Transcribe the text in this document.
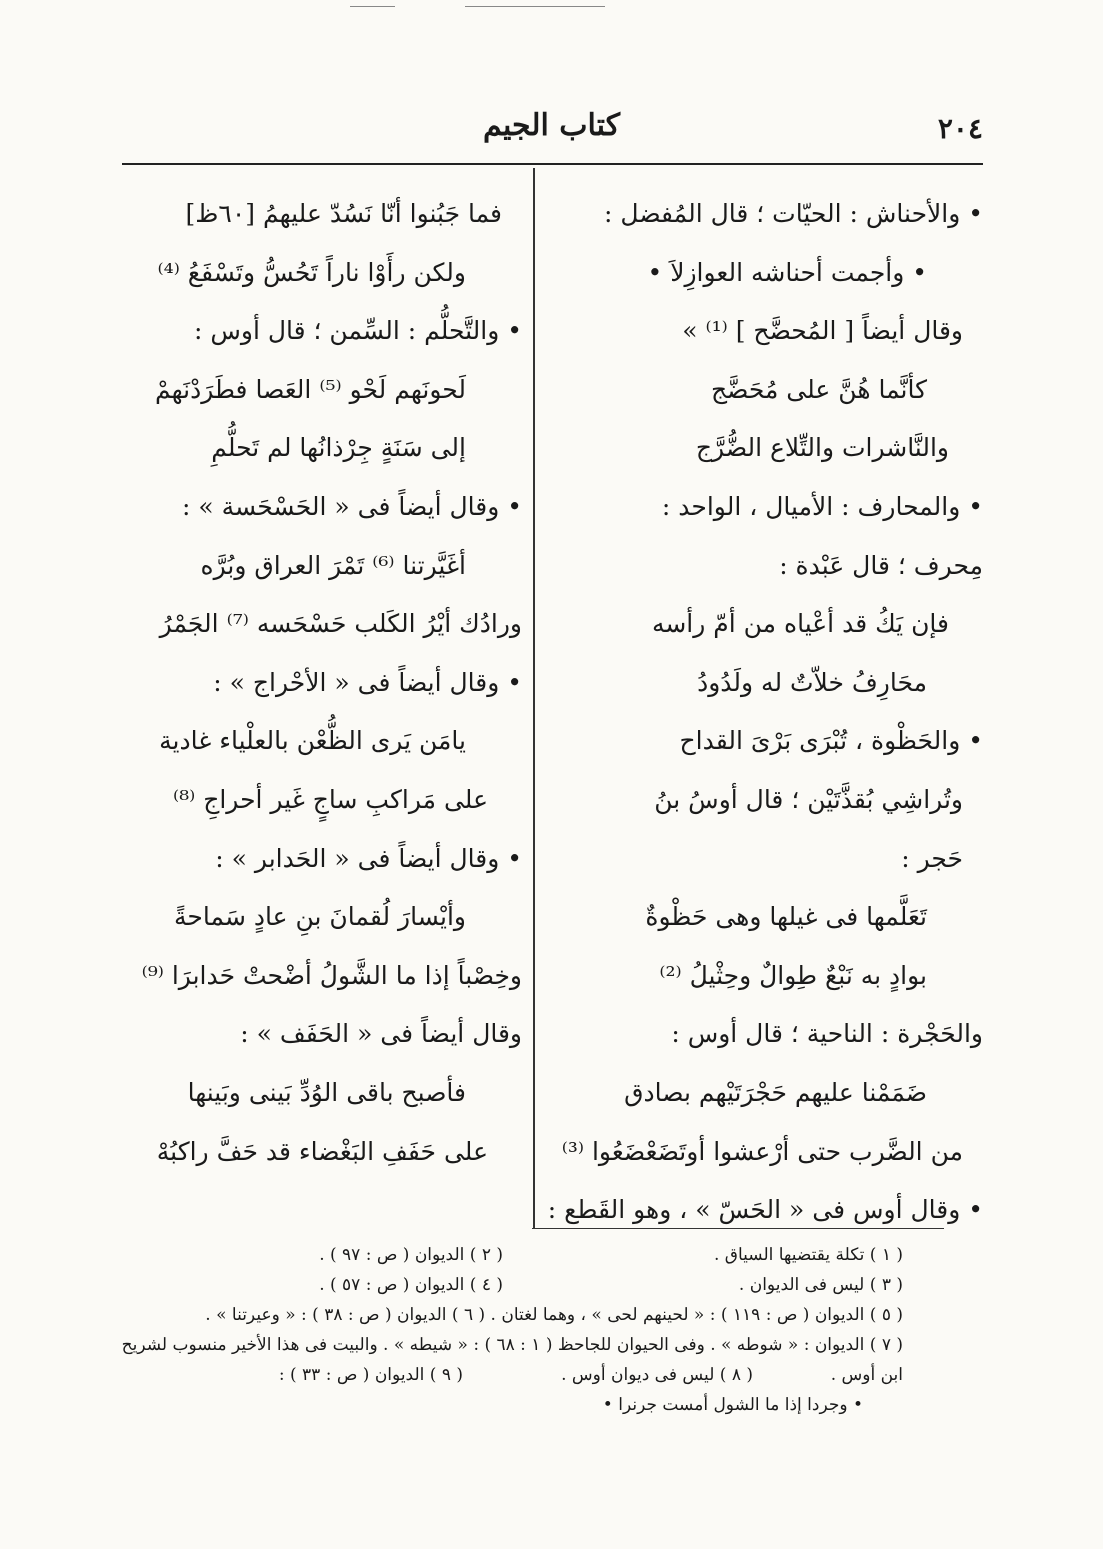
٢٠٤
كتاب الجيم
• والأحناش : الحيّات ؛ قال المُفضل :
• وأجمت أحناشه العوازِلاَ •
وقال أيضاً [ المُحضَّح ] ⁽¹⁾ »
كأنَّما هُنَّ على مُحَضَّج
والنَّاشرات والتِّلاع الضُّرَّج
• والمحارف : الأميال ، الواحد :
مِحرف ؛ قال عَبْدة :
فإن يَكُ قد أعْياه من أمّ رأسه
محَارِفُ خلاّتٌ له ولَدُودُ
• والحَظْوة ، تُبْرَى بَرْىَ القداح
وتُراشِي بُقذَّتَيْن ؛ قال أوسُ بنُ
حَجر :
تَعَلَّمها فى غيلها وهى حَظْوةٌ
بوادٍ به نَبْعٌ طِوالٌ وحِثْيلُ ⁽²⁾
والحَجْرة : الناحية ؛ قال أوس :
ضَمَمْنا عليهم حَجْرَتَيْهم بصادق
من الضَّرب حتى أرْعشوا أوتَضَعْضَعُوا ⁽³⁾
• وقال أوس فى « الحَسّ » ، وهو القَطع :
فما جَبُنوا أنّا نَسُدّ عليهمُ [٦٠ظ]
ولكن رأَوْا ناراً تَحُسُّ وتَسْفَعُ ⁽⁴⁾
• والتَّحلُّم : السِّمن ؛ قال أوس :
لَحونَهم لَحْو ⁽⁵⁾ العَصا فطَرَدْنَهمْ
إلى سَنَةٍ جِرْذانُها لم تَحلُّمِ
• وقال أيضاً فى « الحَسْحَسة » :
أغَيَّرتنا ⁽⁶⁾ تَمْرَ العراق وبُرَّه
ورادُك أيْرُ الكَلب حَسْحَسه ⁽⁷⁾ الجَمْرُ
• وقال أيضاً فى « الأحْراج » :
يامَن يَرى الظُّعْن بالعلْياء غادية
على مَراكبِ ساجٍ غَير أحراجِ ⁽⁸⁾
• وقال أيضاً فى « الحَدابر » :
وأيْسارَ لُقمانَ بنِ عادٍ سَماحةً
وخِصْباً إذا ما الشَّولُ أضْحتْ حَدابرَا ⁽⁹⁾
وقال أيضاً فى « الحَفَف » :
فأصبح باقى الوُدِّ بَينى وبَينها
على حَفَفِ البَغْضاء قد حَفَّ راكبُهْ
( ١ ) تكلة يقتضيها السياق .
( ٢ ) الديوان ( ص : ٩٧ ) .
( ٣ ) ليس فى الديوان .
( ٤ ) الديوان ( ص : ٥٧ ) .
( ٥ ) الديوان ( ص : ١١٩ ) : « لحينهم لحى » ، وهما لغتان . ( ٦ ) الديوان ( ص : ٣٨ ) : « وعيرتنا » .
( ٧ ) الديوان : « شوطه » . وفى الحيوان للجاحظ ( ١ : ٦٨ ) : « شيطه » . والبيت فى هذا الأخير منسوب لشريح
ابن أوس .
( ٨ ) ليس فى ديوان أوس .
( ٩ ) الديوان ( ص : ٣٣ ) :
• وجردا إذا ما الشول أمست جرنرا •
